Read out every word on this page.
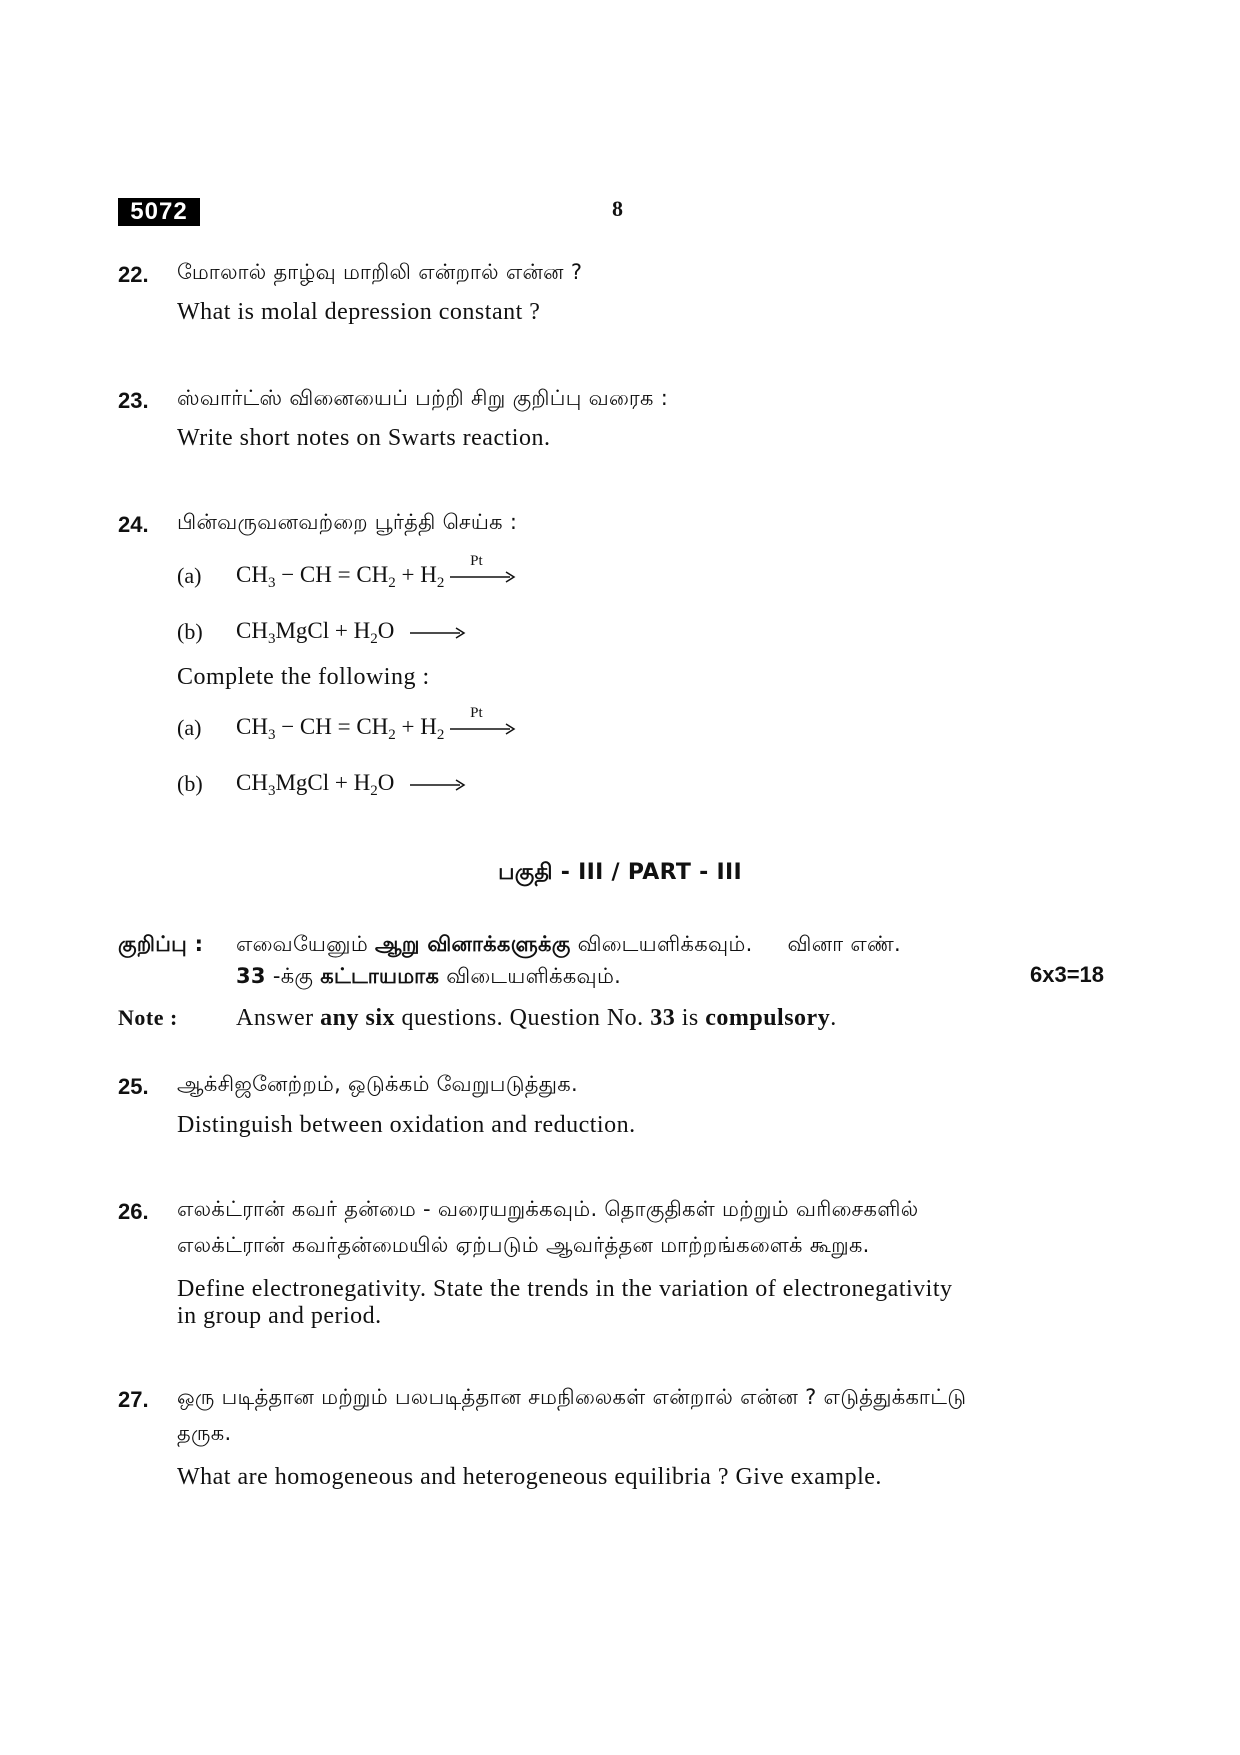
5072	8
22. மோலால் தாழ்வு மாறிலி என்றால் என்ன ?
What is molal depression constant ?
23. ஸ்வார்ட்ஸ் வினையைப் பற்றி சிறு குறிப்பு வரைக :
Write short notes on Swarts reaction.
24. பின்வருவனவற்றை பூர்த்தி செய்க :
(a) $CH_3$ − CH = $CH_2 + H_2$
Pt
(b) $CH_3MgCl + H_2O$ →
Complete the following :
(a) $CH_3$ − CH = $CH_2 + H_2$
Pt
(b) $CH_3MgCl + H_2O$ →
பகுதி - III / PART - III
குறிப்பு : எவையேனும் ஆறு வினாக்களுக்கு விடையளிக்கவும். வினா எண்.
33 -க்கு கட்டாயமாக விடையளிக்கவும்.	6x3=18
Note : Answer any six questions. Question No. 33 is compulsory.
25. ஆக்சிஜனேற்றம், ஒடுக்கம் வேறுபடுத்துக.
Distinguish between oxidation and reduction.
26. எலக்ட்ரான் கவர் தன்மை - வரையறுக்கவும். தொகுதிகள் மற்றும் வரிசைகளில்
எலக்ட்ரான் கவர்தன்மையில் ஏற்படும் ஆவர்த்தன மாற்றங்களைக் கூறுக.
Define electronegativity. State the trends in the variation of electronegativity
in group and period.
27. ஒரு படித்தான மற்றும் பலபடித்தான சமநிலைகள் என்றால் என்ன ? எடுத்துக்காட்டு
தருக.
What are homogeneous and heterogeneous equilibria ? Give example.
